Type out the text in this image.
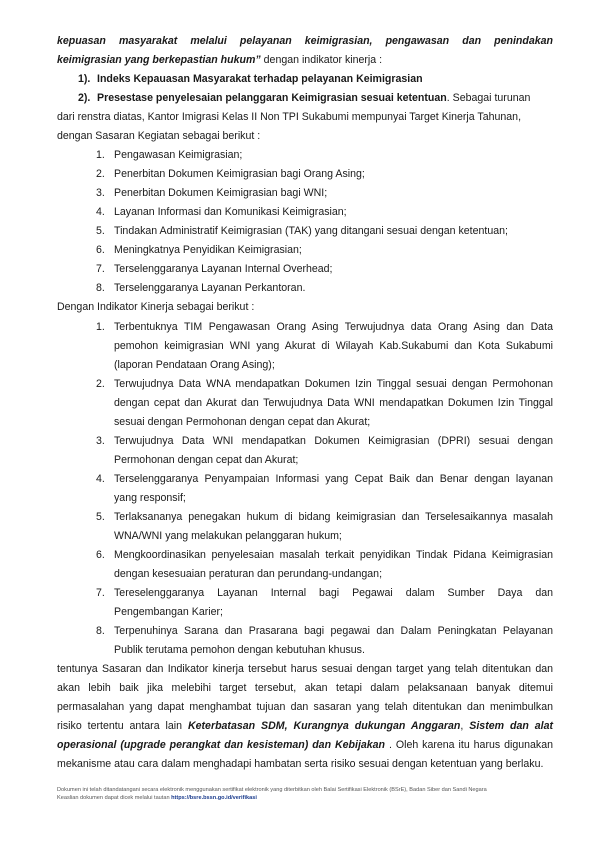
kepuasan masyarakat melalui pelayanan keimigrasian, pengawasan dan penindakan
keimigrasian yang berkepastian hukum” dengan indikator kinerja :
1). Indeks Kepauasan Masyarakat terhadap pelayanan Keimigrasian
2). Presestase penyelesaian pelanggaran Keimigrasian sesuai ketentuan. Sebagai turunan
dari renstra diatas, Kantor Imigrasi Kelas II Non TPI Sukabumi mempunyai Target Kinerja Tahunan,
dengan Sasaran Kegiatan sebagai berikut :
1. Pengawasan Keimigrasian;
2. Penerbitan Dokumen Keimigrasian bagi Orang Asing;
3. Penerbitan Dokumen Keimigrasian bagi WNI;
4. Layanan Informasi dan Komunikasi Keimigrasian;
5. Tindakan Administratif Keimigrasian (TAK) yang ditangani sesuai dengan ketentuan;
6. Meningkatnya Penyidikan Keimigrasian;
7. Terselenggaranya Layanan Internal Overhead;
8. Terselenggaranya Layanan Perkantoran.
Dengan Indikator Kinerja sebagai berikut :
1. Terbentuknya TIM Pengawasan Orang Asing Terwujudnya data Orang Asing dan Data
pemohon keimigrasian WNI yang Akurat di Wilayah Kab.Sukabumi dan Kota Sukabumi
(laporan Pendataan Orang Asing);
2. Terwujudnya Data WNA mendapatkan Dokumen Izin Tinggal sesuai dengan Permohonan
dengan cepat dan Akurat dan Terwujudnya Data WNI mendapatkan Dokumen Izin Tinggal
sesuai dengan Permohonan dengan cepat dan Akurat;
3. Terwujudnya Data WNI mendapatkan Dokumen Keimigrasian (DPRI) sesuai dengan
Permohonan dengan cepat dan Akurat;
4. Terselenggaranya Penyampaian Informasi yang Cepat Baik dan Benar dengan layanan
yang responsif;
5. Terlaksananya penegakan hukum di bidang keimigrasian dan Terselesaikannya masalah
WNA/WNI yang melakukan pelanggaran hukum;
6. Mengkoordinasikan penyelesaian masalah terkait penyidikan Tindak Pidana Keimigrasian
dengan kesesuaian peraturan dan perundang-undangan;
7. Tereselenggaranya Layanan Internal bagi Pegawai dalam Sumber Daya dan
Pengembangan Karier;
8. Terpenuhinya Sarana dan Prasarana bagi pegawai dan Dalam Peningkatan Pelayanan
Publik terutama pemohon dengan kebutuhan khusus.
tentunya Sasaran dan Indikator kinerja tersebut harus sesuai dengan target yang telah ditentukan dan
akan lebih baik jika melebihi target tersebut, akan tetapi dalam pelaksanaan banyak ditemui
permasalahan yang dapat menghambat tujuan dan sasaran yang telah ditentukan dan menimbulkan
risiko tertentu antara lain Keterbatasan SDM, Kurangnya dukungan Anggaran, Sistem dan alat
operasional (upgrade perangkat dan kesisteman) dan Kebijakan . Oleh karena itu harus digunakan
mekanisme atau cara dalam menghadapi hambatan serta risiko sesuai dengan ketentuan yang berlaku.
Dokumen ini telah ditandatangani secara elektronik menggunakan sertifikat elektronik yang diterbitkan oleh Balai Sertifikasi Elektronik (BSrE), Badan Siber dan Sandi Negara
Keaslian dokumen dapat dicek melalui tautan https://bsre.bssn.go.id/verifikasi
